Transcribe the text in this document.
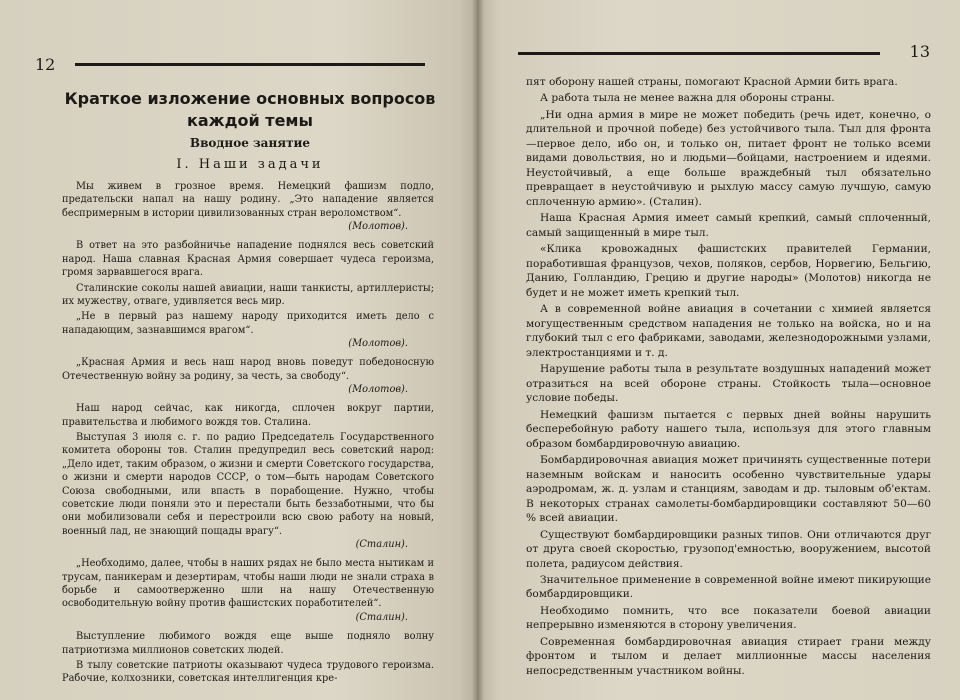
12
Краткое изложение основных вопросов
каждой темы
Вводное занятие
I. Наши задачи

Мы живем в грозное время. Немецкий фашизм подло, предательски напал на нашу родину. „Это нападение является беспримерным в истории цивилизованных стран вероломством“.
(Молотов).

В ответ на это разбойничье нападение поднялся весь советский народ. Наша славная Красная Армия совершает чудеса героизма, громя зарвавшегося врага.

Сталинские соколы нашей авиации, наши танкисты, артиллеристы; их мужеству, отваге, удивляется весь мир.

„Не в первый раз нашему народу приходится иметь дело с нападающим, зазнавшимся врагом“.
(Молотов).

„Красная Армия и весь наш народ вновь поведут победоносную Отечественную войну за родину, за честь, за свободу“.
(Молотов).

Наш народ сейчас, как никогда, сплочен вокруг партии, правительства и любимого вождя тов. Сталина.

Выступая 3 июля с. г. по радио Председатель Государственного комитета обороны тов. Сталин предупредил весь советский народ: „Дело идет, таким образом, о жизни и смерти Советского государства, о жизни и смерти народов СССР, о том—быть народам Советского Союза свободными, или впасть в порабощение. Нужно, чтобы советские люди поняли это и перестали быть беззаботными, что бы они мобилизовали себя и перестроили всю свою работу на новый, военный лад, не знающий пощады врагу“.
(Сталин).

„Необходимо, далее, чтобы в наших рядах не было места нытикам и трусам, паникерам и дезертирам, чтобы наши люди не знали страха в борьбе и самоотверженно шли на нашу Отечественную освободительную войну против фашистских поработителей“.
(Сталин).

Выступление любимого вождя еще выше подняло волну патриотизма миллионов советских людей.

В тылу советские патриоты оказывают чудеса трудового героизма. Рабочие, колхозники, советская интеллигенция кре-

13

пят оборону нашей страны, помогают Красной Армии бить врага.

А работа тыла не менее важна для обороны страны.

„Ни одна армия в мире не может победить (речь идет, конечно, о длительной и прочной победе) без устойчивого тыла. Тыл для фронта—первое дело, ибо он, и только он, питает фронт не только всеми видами довольствия, но и людьми—бойцами, настроением и идеями. Неустойчивый, а еще больше враждебный тыл обязательно превращает в неустойчивую и рыхлую массу самую лучшую, самую сплоченную армию». (Сталин).

Наша Красная Армия имеет самый крепкий, самый сплоченный, самый защищенный в мире тыл.

«Клика кровожадных фашистских правителей Германии, поработившая французов, чехов, поляков, сербов, Норвегию, Бельгию, Данию, Голландию, Грецию и другие народы» (Молотов) никогда не будет и не может иметь крепкий тыл.

А в современной войне авиация в сочетании с химией является могущественным средством нападения не только на войска, но и на глубокий тыл с его фабриками, заводами, железнодорожными узлами, электростанциями и т. д.

Нарушение работы тыла в результате воздушных нападений может отразиться на всей обороне страны. Стойкость тыла—основное условие победы.

Немецкий фашизм пытается с первых дней войны нарушить бесперебойную работу нашего тыла, используя для этого главным образом бомбардировочную авиацию.

Бомбардировочная авиация может причинять существенные потери наземным войскам и наносить особенно чувствительные удары аэродромам, ж. д. узлам и станциям, заводам и др. тыловым об'ектам. В некоторых странах самолеты-бомбардировщики составляют 50—60 % всей авиации.

Существуют бомбардировщики разных типов. Они отличаются друг от друга своей скоростью, грузопод'емностью, вооружением, высотой полета, радиусом действия.

Значительное применение в современной войне имеют пикирующие бомбардировщики.

Необходимо помнить, что все показатели боевой авиации непрерывно изменяются в сторону увеличения.

Современная бомбардировочная авиация стирает грани между фронтом и тылом и делает миллионные массы населения непосредственным участником войны.
